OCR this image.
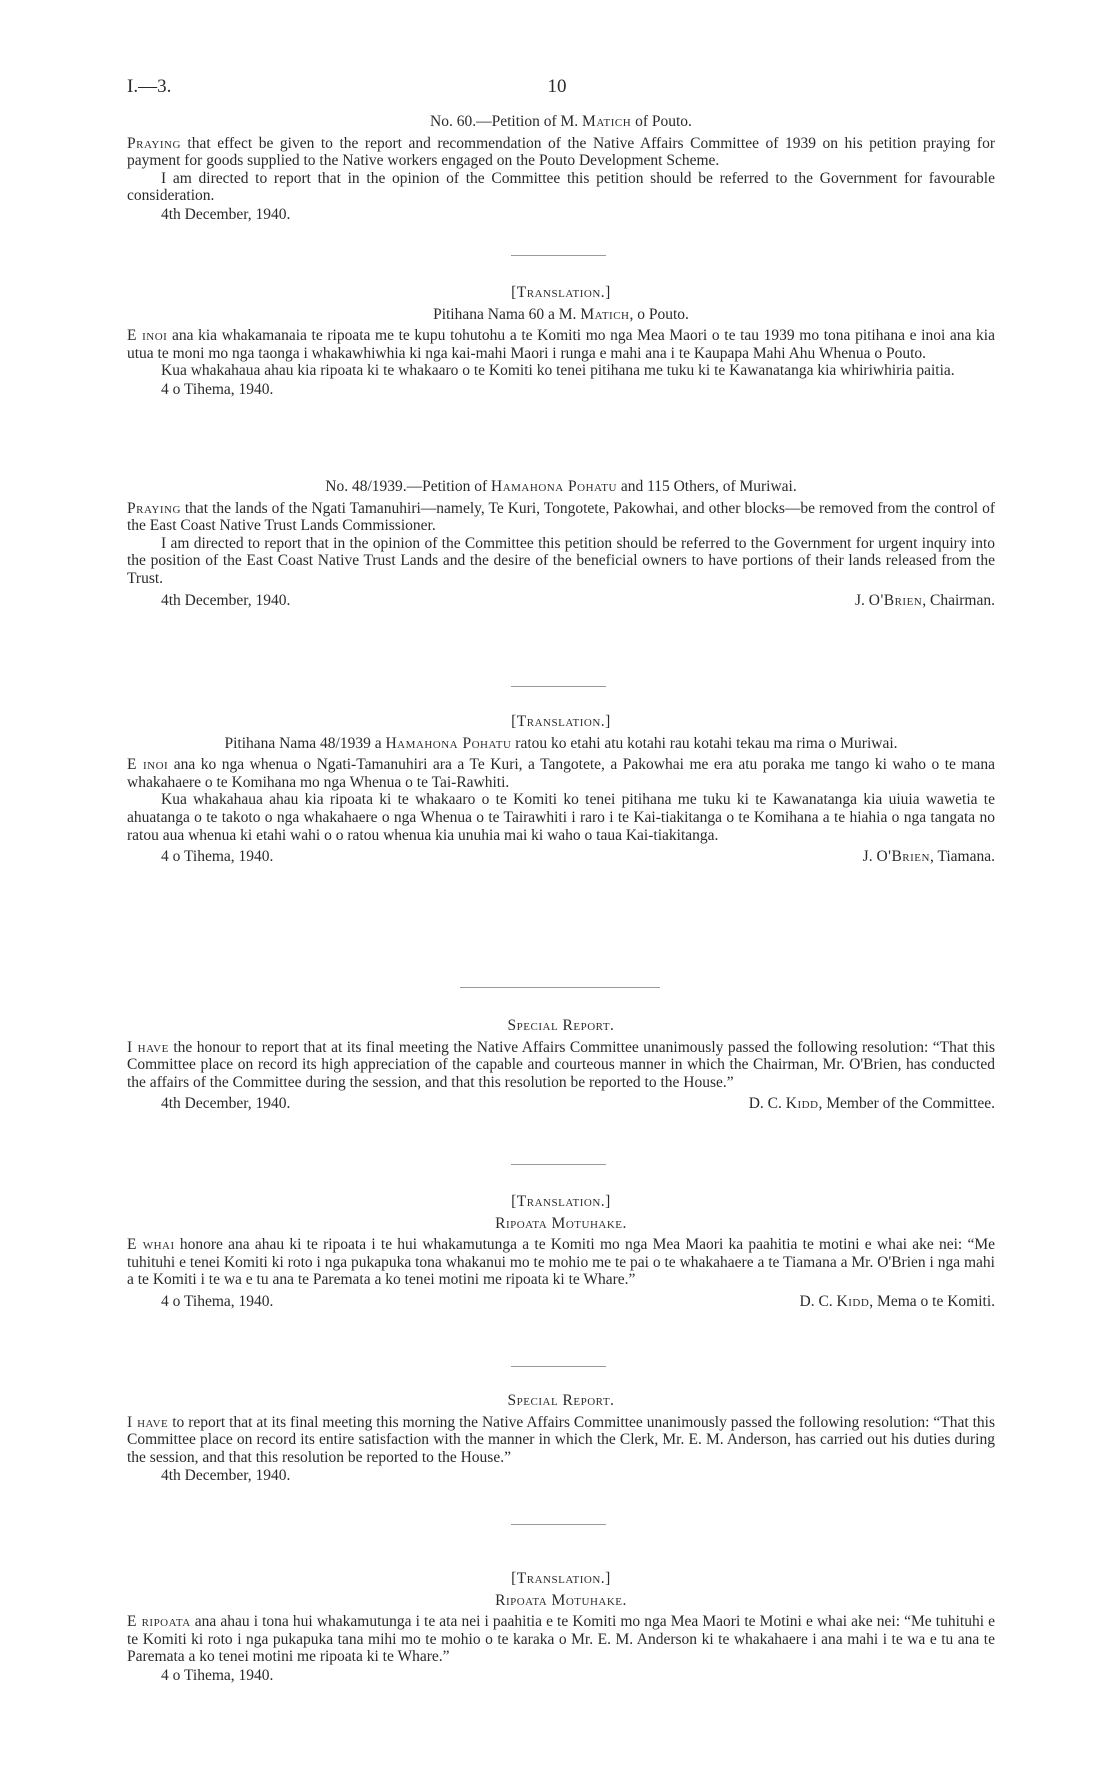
I.—3.	10
No. 60.—Petition of M. Matich of Pouto.

Praying that effect be given to the report and recommendation of the Native Affairs Committee of 1939 on his petition praying for payment for goods supplied to the Native workers engaged on the Pouto Development Scheme.

I am directed to report that in the opinion of the Committee this petition should be referred to the Government for favourable consideration.

4th December, 1940.
[Translation.]
Pitihana Nama 60 a M. Matich, o Pouto.

E inoi ana kia whakamanaia te ripoata me te kupu tohutohu a te Komiti mo nga Mea Maori o te tau 1939 mo tona pitihana e inoi ana kia utua te moni mo nga taonga i whakawhiwhia ki nga kai-mahi Maori i runga e mahi ana i te Kaupapa Mahi Ahu Whenua o Pouto.

Kua whakahaua ahau kia ripoata ki te whakaaro o te Komiti ko tenei pitihana me tuku ki te Kawanatanga kia whiriwhiria paitia.

4 o Tihema, 1940.
No. 48/1939.—Petition of Hamahona Pohatu and 115 Others, of Muriwai.

Praying that the lands of the Ngati Tamanuhiri—namely, Te Kuri, Tongotete, Pakowhai, and other blocks—be removed from the control of the East Coast Native Trust Lands Commissioner.

I am directed to report that in the opinion of the Committee this petition should be referred to the Government for urgent inquiry into the position of the East Coast Native Trust Lands and the desire of the beneficial owners to have portions of their lands released from the Trust.

4th December, 1940.	J. O'Brien, Chairman.
[Translation.]
Pitihana Nama 48/1939 a Hamahona Pohatu ratou ko etahi atu kotahi rau kotahi tekau ma rima o Muriwai.

E inoi ana ko nga whenua o Ngati-Tamanuhiri ara a Te Kuri, a Tangotete, a Pakowhai me era atu poraka me tango ki waho o te mana whakahaere o te Komihana mo nga Whenua o te Tai-Rawhiti.

Kua whakahaua ahau kia ripoata ki te whakaaro o te Komiti ko tenei pitihana me tuku ki te Kawanatanga kia uiuia wawetia te ahuatanga o te takoto o nga whakahaere o nga Whenua o te Tairawhiti i raro i te Kai-tiakitanga o te Komihana a te hiahia o nga tangata no ratou aua whenua ki etahi wahi o o ratou whenua kia unuhia mai ki waho o taua Kai-tiakitanga.

4 o Tihema, 1940.	J. O'Brien, Tiamana.
Special Report.

I have the honour to report that at its final meeting the Native Affairs Committee unanimously passed the following resolution: “That this Committee place on record its high appreciation of the capable and courteous manner in which the Chairman, Mr. O'Brien, has conducted the affairs of the Committee during the session, and that this resolution be reported to the House.”

4th December, 1940.	D. C. Kidd, Member of the Committee.
[Translation.]
Ripoata Motuhake.

E whai honore ana ahau ki te ripoata i te hui whakamutunga a te Komiti mo nga Mea Maori ka paahitia te motini e whai ake nei: “Me tuhituhi e tenei Komiti ki roto i nga pukapuka tona whakanui mo te mohio me te pai o te whakahaere a te Tiamana a Mr. O'Brien i nga mahi a te Komiti i te wa e tu ana te Paremata a ko tenei motini me ripoata ki te Whare.”

4 o Tihema, 1940.	D. C. Kidd, Mema o te Komiti.
Special Report.

I have to report that at its final meeting this morning the Native Affairs Committee unanimously passed the following resolution: “That this Committee place on record its entire satisfaction with the manner in which the Clerk, Mr. E. M. Anderson, has carried out his duties during the session, and that this resolution be reported to the House.”

4th December, 1940.
[Translation.]
Ripoata Motuhake.

E ripoata ana ahau i tona hui whakamutunga i te ata nei i paahitia e te Komiti mo nga Mea Maori te Motini e whai ake nei: “Me tuhituhi e te Komiti ki roto i nga pukapuka tana mihi mo te mohio o te karaka o Mr. E. M. Anderson ki te whakahaere i ana mahi i te wa e tu ana te Paremata a ko tenei motini me ripoata ki te Whare.”

4 o Tihema, 1940.
